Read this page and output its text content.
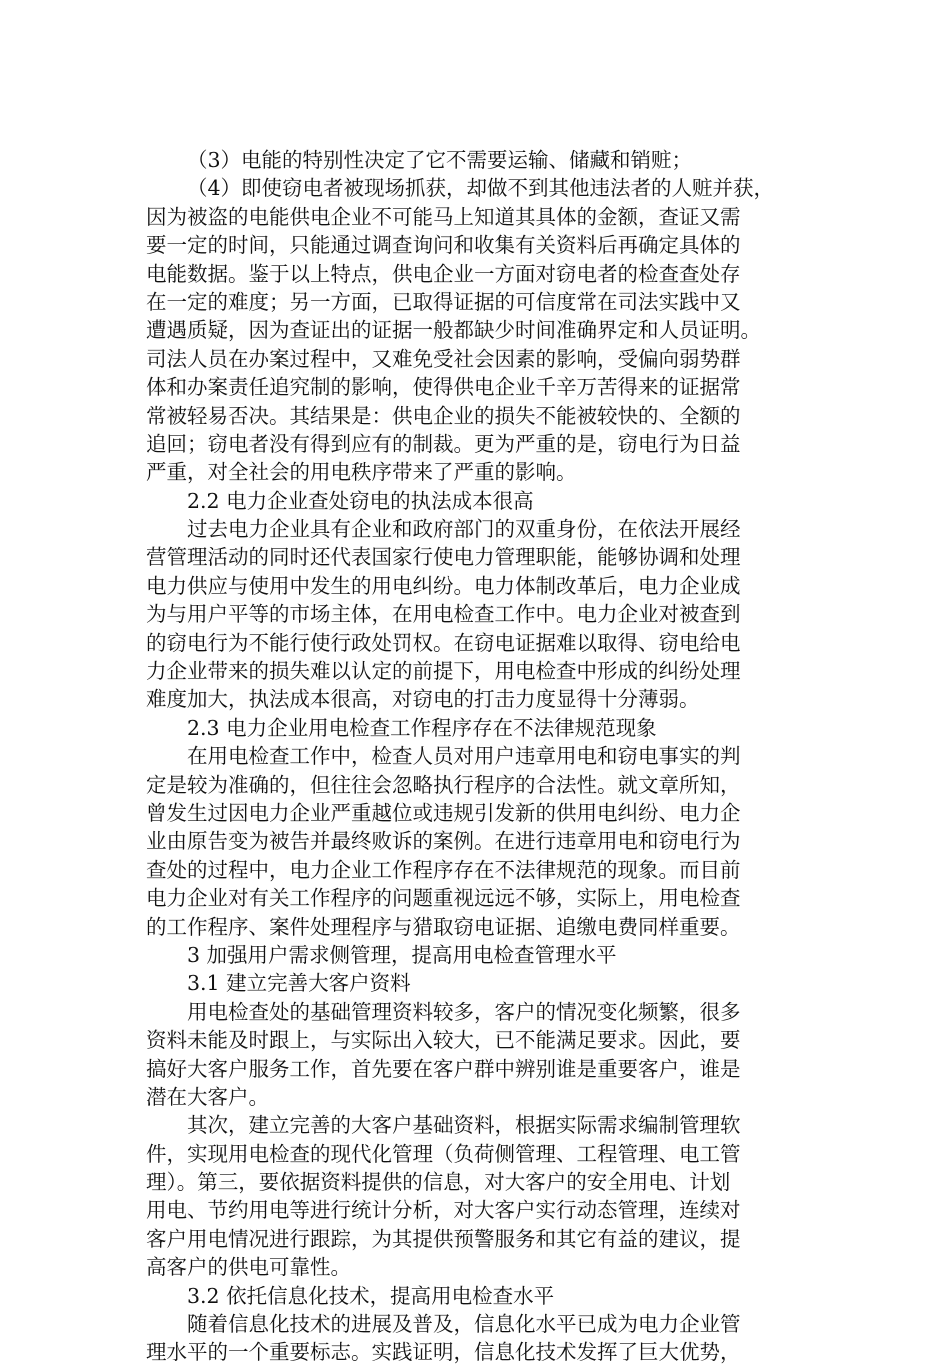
（3）电能的特别性决定了它不需要运输、储藏和销赃；
（4）即使窃电者被现场抓获，却做不到其他违法者的人赃并获，
因为被盗的电能供电企业不可能马上知道其具体的金额，查证又需
要一定的时间，只能通过调查询问和收集有关资料后再确定具体的
电能数据。鉴于以上特点，供电企业一方面对窃电者的检查查处存
在一定的难度；另一方面，已取得证据的可信度常在司法实践中又
遭遇质疑，因为查证出的证据一般都缺少时间准确界定和人员证明。
司法人员在办案过程中，又难免受社会因素的影响，受偏向弱势群
体和办案责任追究制的影响，使得供电企业千辛万苦得来的证据常
常被轻易否决。其结果是：供电企业的损失不能被较快的、全额的
追回；窃电者没有得到应有的制裁。更为严重的是，窃电行为日益
严重，对全社会的用电秩序带来了严重的影响。
2.2 电力企业查处窃电的执法成本很高
过去电力企业具有企业和政府部门的双重身份，在依法开展经
营管理活动的同时还代表国家行使电力管理职能，能够协调和处理
电力供应与使用中发生的用电纠纷。电力体制改革后，电力企业成
为与用户平等的市场主体，在用电检查工作中。电力企业对被查到
的窃电行为不能行使行政处罚权。在窃电证据难以取得、窃电给电
力企业带来的损失难以认定的前提下，用电检查中形成的纠纷处理
难度加大，执法成本很高，对窃电的打击力度显得十分薄弱。
2.3 电力企业用电检查工作程序存在不法律规范现象
在用电检查工作中，检查人员对用户违章用电和窃电事实的判
定是较为准确的，但往往会忽略执行程序的合法性。就文章所知，
曾发生过因电力企业严重越位或违规引发新的供用电纠纷、电力企
业由原告变为被告并最终败诉的案例。在进行违章用电和窃电行为
查处的过程中，电力企业工作程序存在不法律规范的现象。而目前
电力企业对有关工作程序的问题重视远远不够，实际上，用电检查
的工作程序、案件处理程序与猎取窃电证据、追缴电费同样重要。
3 加强用户需求侧管理，提高用电检查管理水平
3.1 建立完善大客户资料
用电检查处的基础管理资料较多，客户的情况变化频繁，很多
资料未能及时跟上，与实际出入较大，已不能满足要求。因此，要
搞好大客户服务工作，首先要在客户群中辨别谁是重要客户，谁是
潜在大客户。
其次，建立完善的大客户基础资料，根据实际需求编制管理软
件，实现用电检查的现代化管理（负荷侧管理、工程管理、电工管
理）。第三，要依据资料提供的信息，对大客户的安全用电、计划
用电、节约用电等进行统计分析，对大客户实行动态管理，连续对
客户用电情况进行跟踪，为其提供预警服务和其它有益的建议，提
高客户的供电可靠性。
3.2 依托信息化技术，提高用电检查水平
随着信息化技术的进展及普及，信息化水平已成为电力企业管
理水平的一个重要标志。实践证明，信息化技术发挥了巨大优势，
